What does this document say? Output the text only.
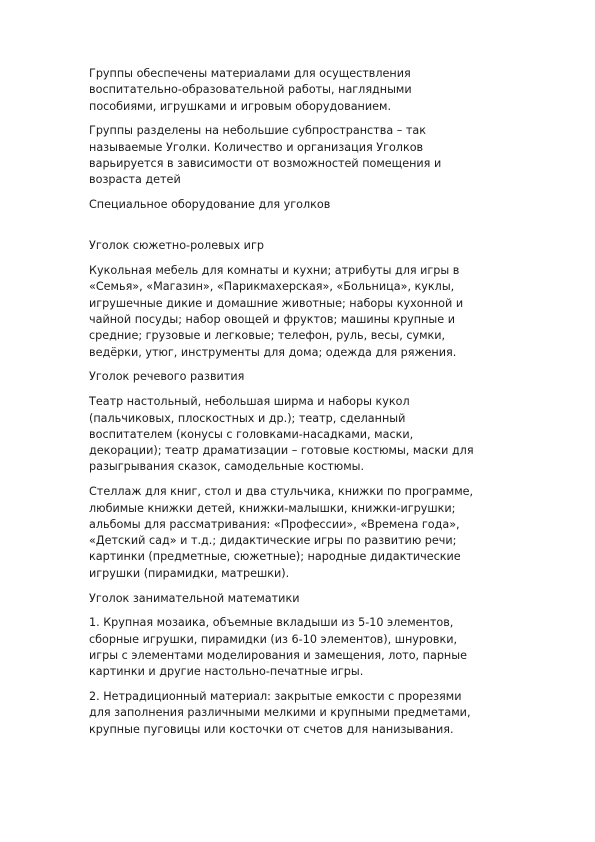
Группы обеспечены материалами для осуществления
воспитательно-образовательной работы, наглядными
пособиями, игрушками и игровым оборудованием.

Группы разделены на небольшие субпространства – так
называемые Уголки. Количество и организация Уголков
варьируется в зависимости от возможностей помещения и
возраста детей

Специальное оборудование для уголков

Уголок сюжетно-ролевых игр

Кукольная мебель для комнаты и кухни; атрибуты для игры в
«Семья», «Магазин», «Парикмахерская», «Больница», куклы,
игрушечные дикие и домашние животные; наборы кухонной и
чайной посуды; набор овощей и фруктов; машины крупные и
средние; грузовые и легковые; телефон, руль, весы, сумки,
ведёрки, утюг, инструменты для дома; одежда для ряжения.

Уголок речевого развития

Театр настольный, небольшая ширма и наборы кукол
(пальчиковых, плоскостных и др.); театр, сделанный
воспитателем (конусы с головками-насадками, маски,
декорации); театр драматизации – готовые костюмы, маски для
разыгрывания сказок, самодельные костюмы.

Стеллаж для книг, стол и два стульчика, книжки по программе,
любимые книжки детей, книжки-малышки, книжки-игрушки;
альбомы для рассматривания: «Профессии», «Времена года»,
«Детский сад» и т.д.; дидактические игры по развитию речи;
картинки (предметные, сюжетные); народные дидактические
игрушки (пирамидки, матрешки).

Уголок занимательной математики

1. Крупная мозаика, объемные вкладыши из 5-10 элементов,
сборные игрушки, пирамидки (из 6-10 элементов), шнуровки,
игры с элементами моделирования и замещения, лото, парные
картинки и другие настольно-печатные игры.

2. Нетрадиционный материал: закрытые емкости с прорезями
для заполнения различными мелкими и крупными предметами,
крупные пуговицы или косточки от счетов для нанизывания.
